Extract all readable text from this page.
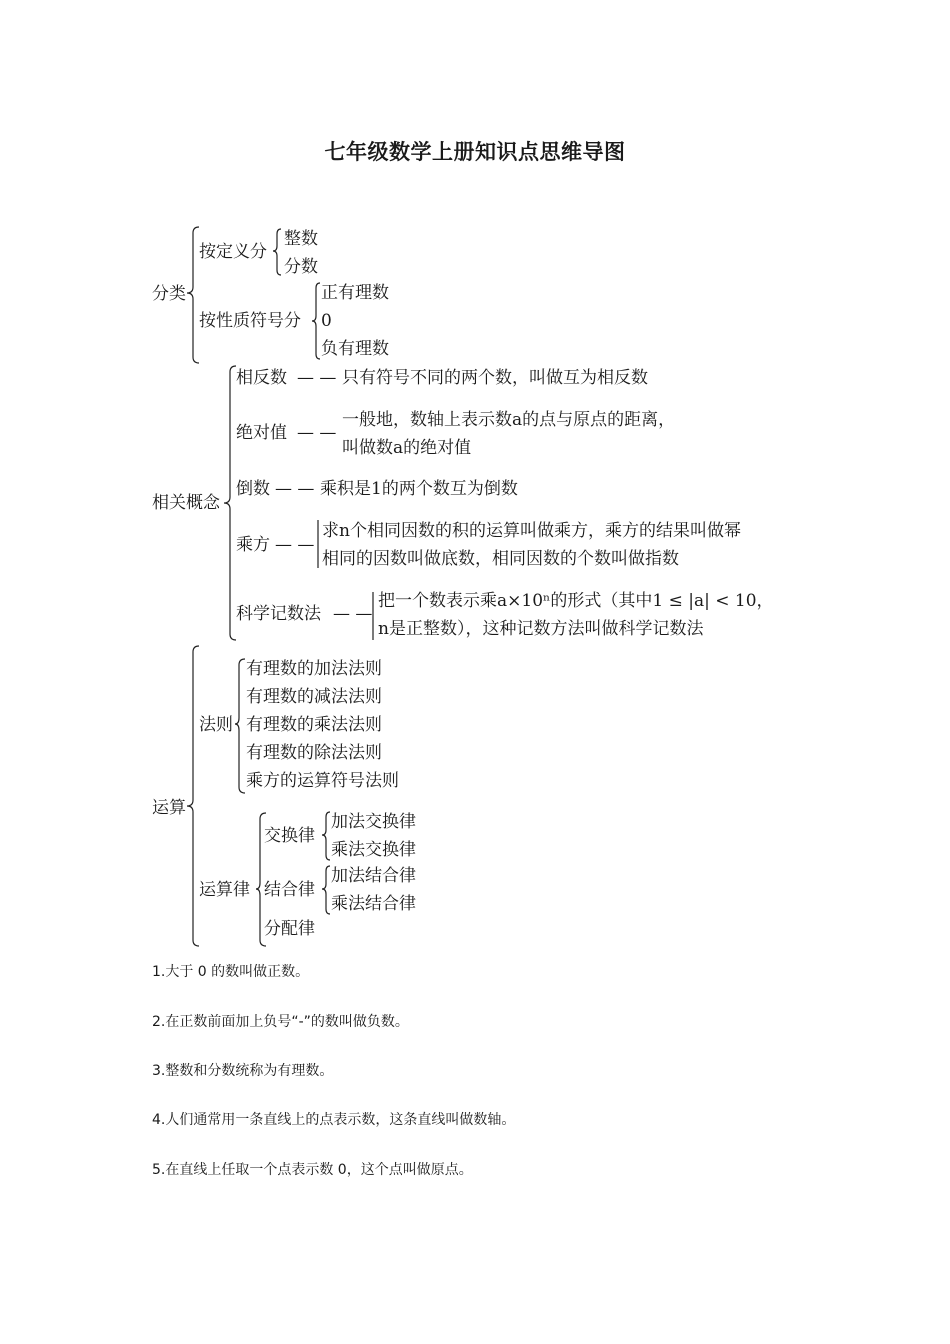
七年级数学上册知识点思维导图
分类
按定义分
整数
分数
按性质符号分
正有理数
0
负有理数
相关概念
相反数 — — 只有符号不同的两个数，叫做互为相反数
绝对值 — —
一般地，数轴上表示数a的点与原点的距离，
叫做数a的绝对值
倒数 — — 乘积是1的两个数互为倒数
乘方 — —
求n个相同因数的积的运算叫做乘方，乘方的结果叫做幂
相同的因数叫做底数，相同因数的个数叫做指数
科学记数法 — —
把一个数表示乘a×10ⁿ的形式（其中1 ≤ |a| < 10，
n是正整数），这种记数方法叫做科学记数法
运算
法则
有理数的加法法则
有理数的减法法则
有理数的乘法法则
有理数的除法法则
乘方的运算符号法则
运算律
交换律
加法交换律
乘法交换律
结合律
加法结合律
乘法结合律
分配律
1.大于 0 的数叫做正数。
2.在正数前面加上负号“-”的数叫做负数。
3.整数和分数统称为有理数。
4.人们通常用一条直线上的点表示数，这条直线叫做数轴。
5.在直线上任取一个点表示数 0，这个点叫做原点。
